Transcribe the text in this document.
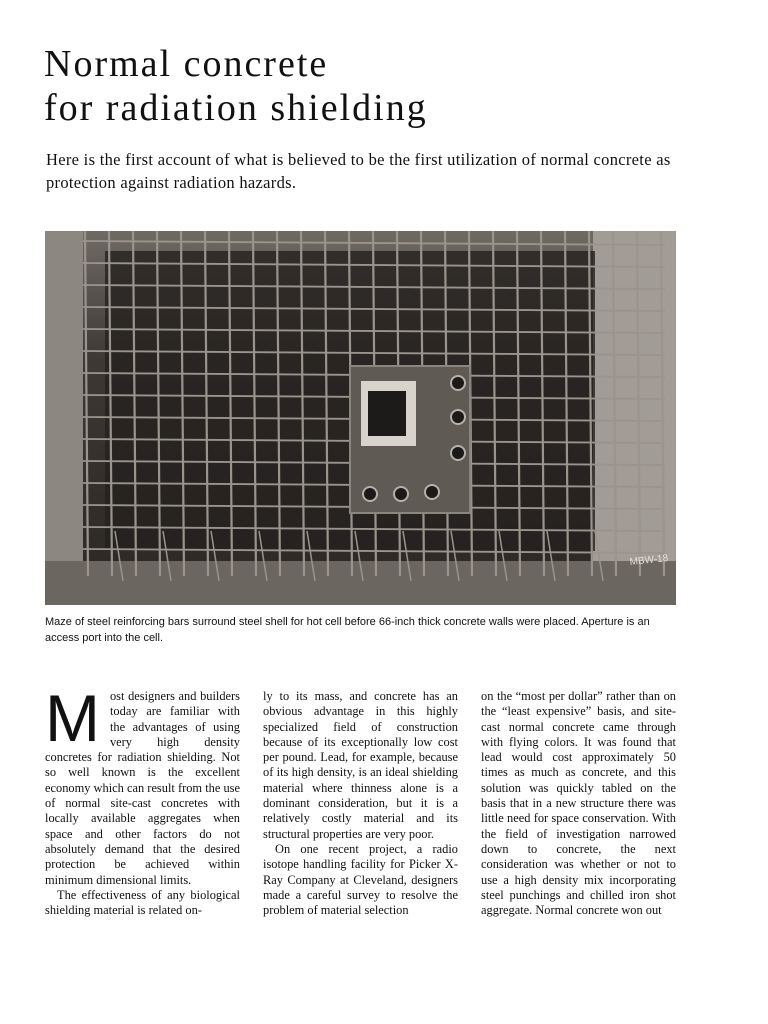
Normal concrete
for radiation shielding

Here is the first account of what is believed to be the first utilization of normal concrete as protection against radiation hazards.

MBW-18

Maze of steel reinforcing bars surround steel shell for hot cell before 66-inch thick concrete walls were placed. Aperture is an access port into the cell.

Most designers and builders today are familiar with the advantages of using very high density concretes for radiation shielding. Not so well known is the excellent economy which can result from the use of normal site-cast concretes with locally available aggregates when space and other factors do not absolutely demand that the desired protection be achieved within minimum dimensional limits.

The effectiveness of any biological shielding material is related on-

ly to its mass, and concrete has an obvious advantage in this highly specialized field of construction because of its exceptionally low cost per pound. Lead, for example, because of its high density, is an ideal shielding material where thinness alone is a dominant consideration, but it is a relatively costly material and its structural properties are very poor.

On one recent project, a radio isotope handling facility for Picker X-Ray Company at Cleveland, designers made a careful survey to resolve the problem of material selection

on the “most per dollar” rather than on the “least expensive” basis, and site-cast normal concrete came through with flying colors. It was found that lead would cost approximately 50 times as much as concrete, and this solution was quickly tabled on the basis that in a new structure there was little need for space conservation. With the field of investigation narrowed down to concrete, the next consideration was whether or not to use a high density mix incorporating steel punchings and chilled iron shot aggregate. Normal concrete won out
